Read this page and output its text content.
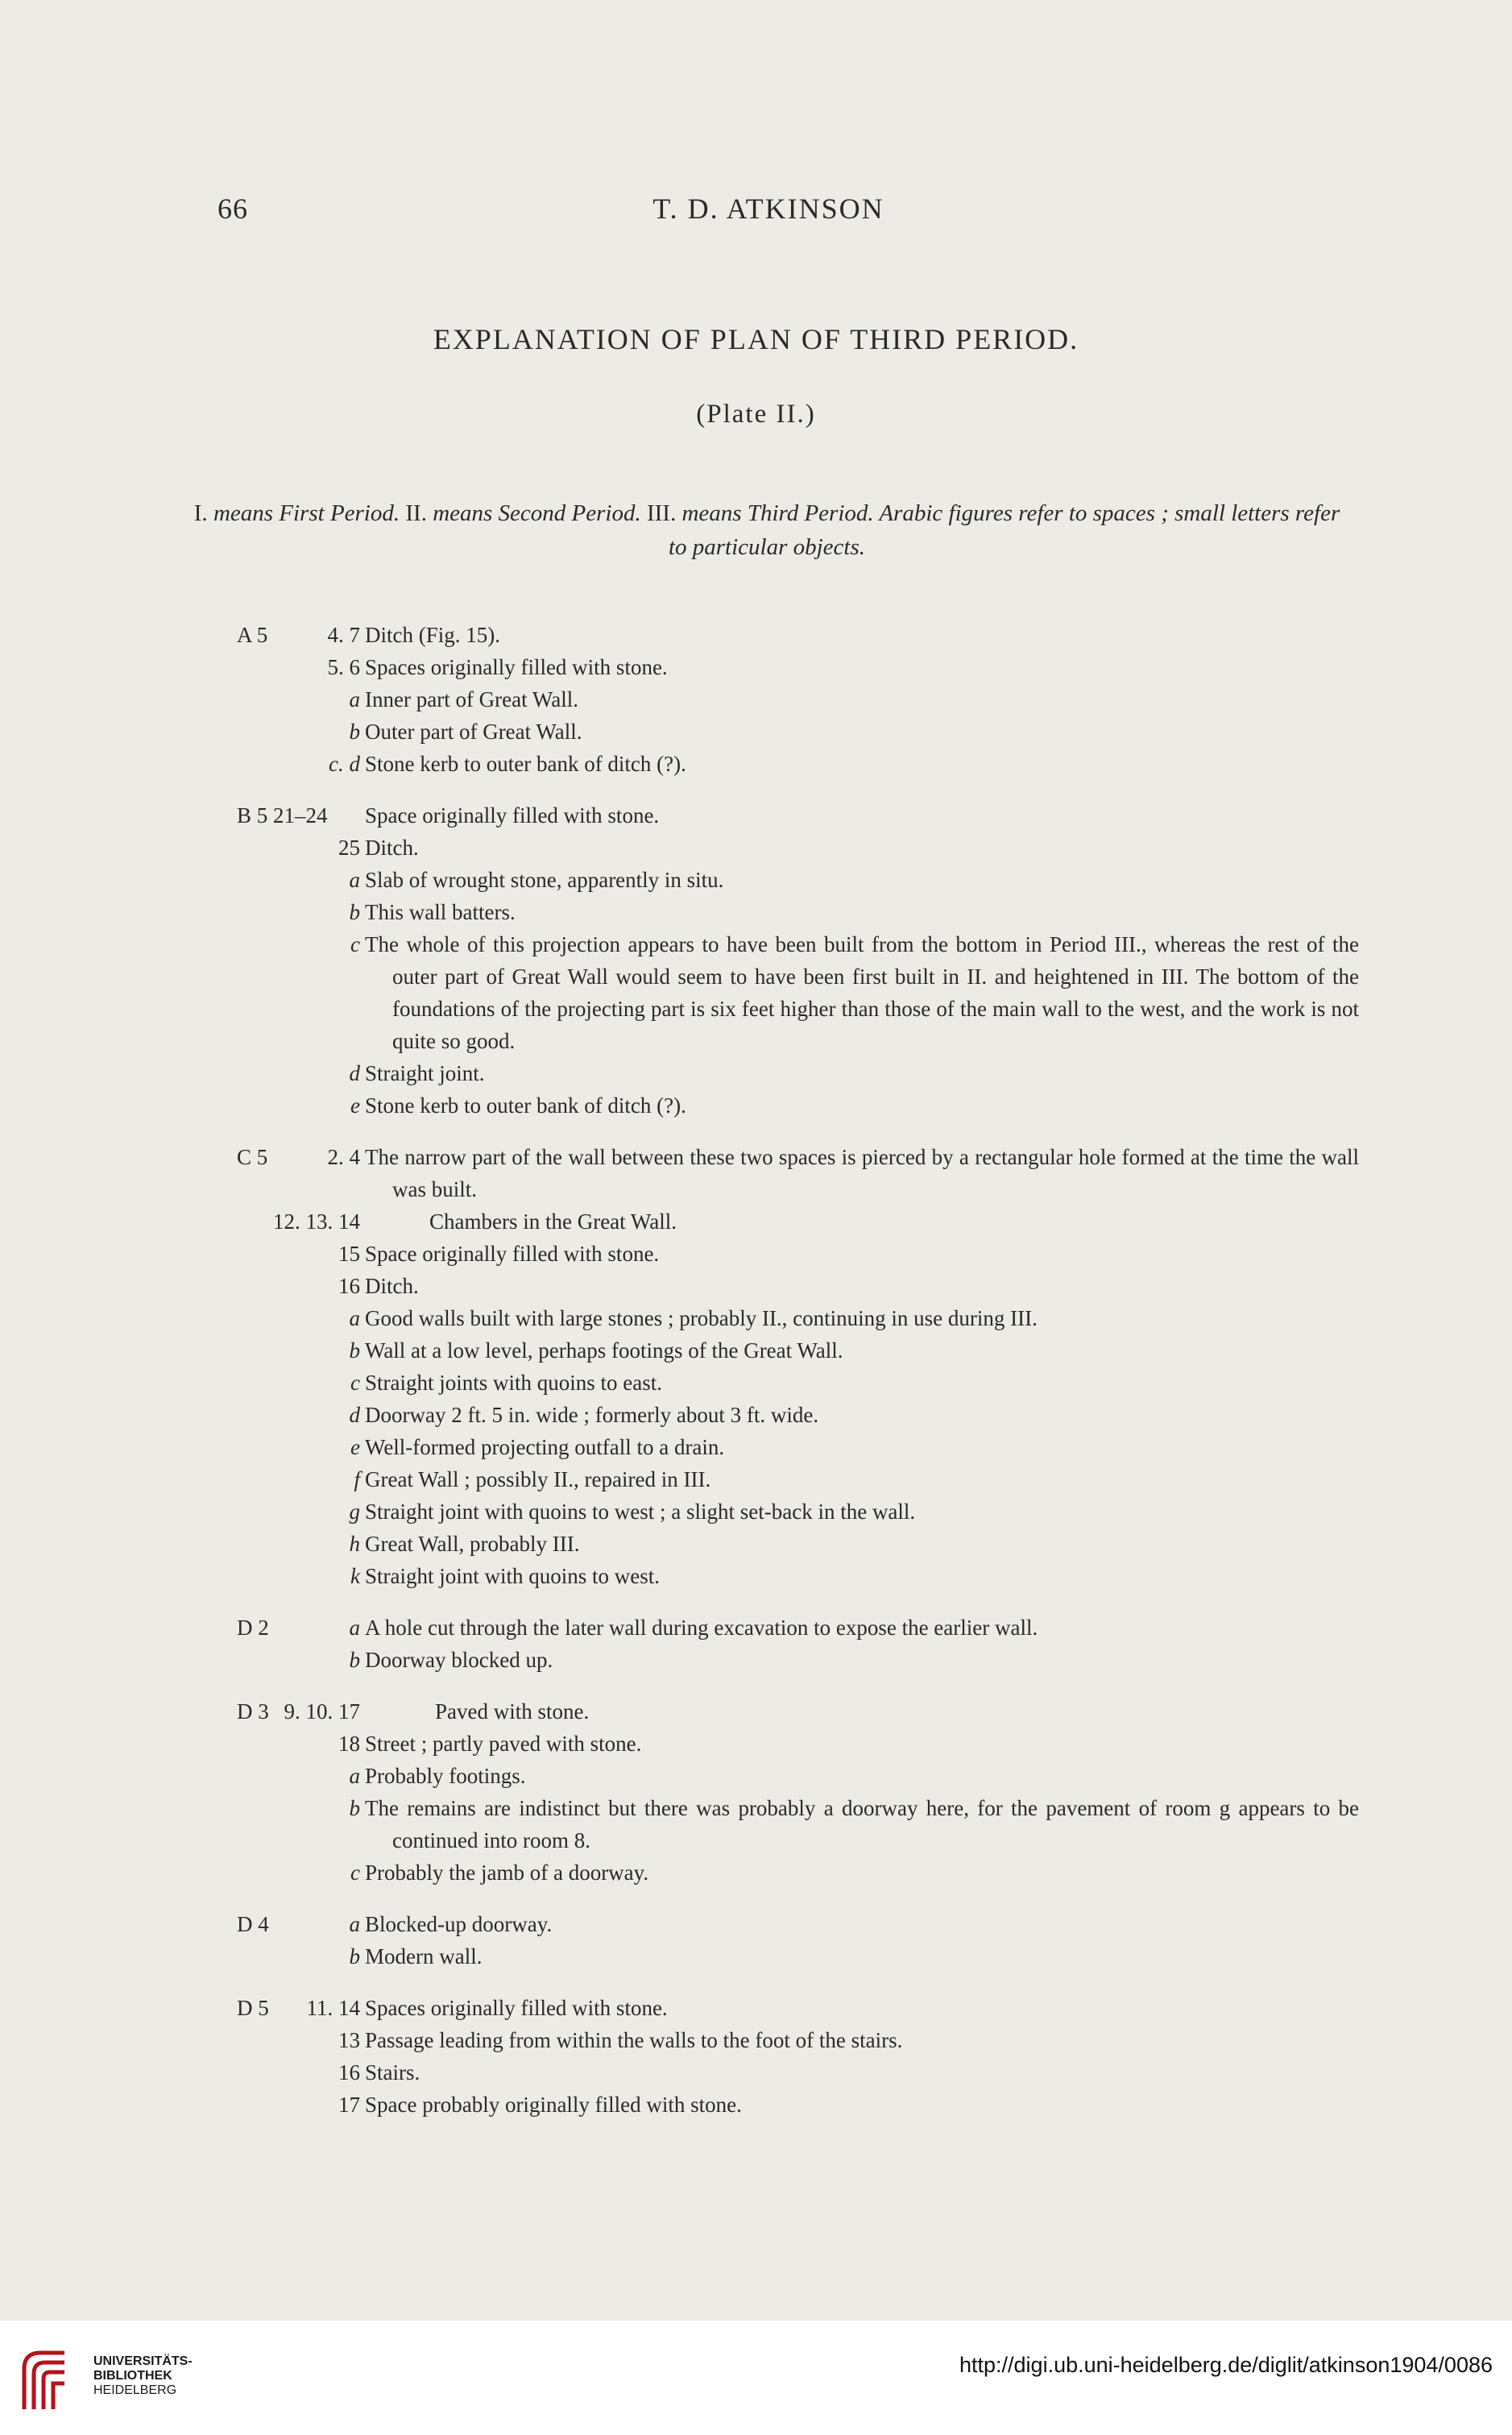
66	T. D. ATKINSON
EXPLANATION OF PLAN OF THIRD PERIOD.
(Plate II.)
I. means First Period. II. means Second Period. III. means Third Period. Arabic figures refer to spaces ; small letters refer to particular objects.
A 5	4. 7 Ditch (Fig. 15).
5. 6 Spaces originally filled with stone.
a Inner part of Great Wall.
b Outer part of Great Wall.
c. d Stone kerb to outer bank of ditch (?).
B 5 21–24	Space originally filled with stone.
25 Ditch.
a Slab of wrought stone, apparently in situ.
b This wall batters.
c The whole of this projection appears to have been built from the bottom in Period III., whereas the rest of the outer part of Great Wall would seem to have been first built in II. and heightened in III. The bottom of the foundations of the projecting part is six feet higher than those of the main wall to the west, and the work is not quite so good.
d Straight joint.
e Stone kerb to outer bank of ditch (?).
C 5	2. 4 The narrow part of the wall between these two spaces is pierced by a rectangular hole formed at the time the wall was built.
12. 13. 14	Chambers in the Great Wall.
15 Space originally filled with stone.
16 Ditch.
a Good walls built with large stones ; probably II., continuing in use during III.
b Wall at a low level, perhaps footings of the Great Wall.
c Straight joints with quoins to east.
d Doorway 2 ft. 5 in. wide ; formerly about 3 ft. wide.
e Well-formed projecting outfall to a drain.
f Great Wall ; possibly II., repaired in III.
g Straight joint with quoins to west ; a slight set-back in the wall.
h Great Wall, probably III.
k Straight joint with quoins to west.
D 2	a A hole cut through the later wall during excavation to expose the earlier wall.
b Doorway blocked up.
D 3 9. 10. 17	Paved with stone.
18 Street ; partly paved with stone.
a Probably footings.
b The remains are indistinct but there was probably a doorway here, for the pavement of room g appears to be continued into room 8.
c Probably the jamb of a doorway.
D 4	a Blocked-up doorway.
b Modern wall.
D 5	11. 14 Spaces originally filled with stone.
13 Passage leading from within the walls to the foot of the stairs.
16 Stairs.
17 Space probably originally filled with stone.
UNIVERSITÄTS-
BIBLIOTHEK
HEIDELBERG
http://digi.ub.uni-heidelberg.de/diglit/atkinson1904/0086
